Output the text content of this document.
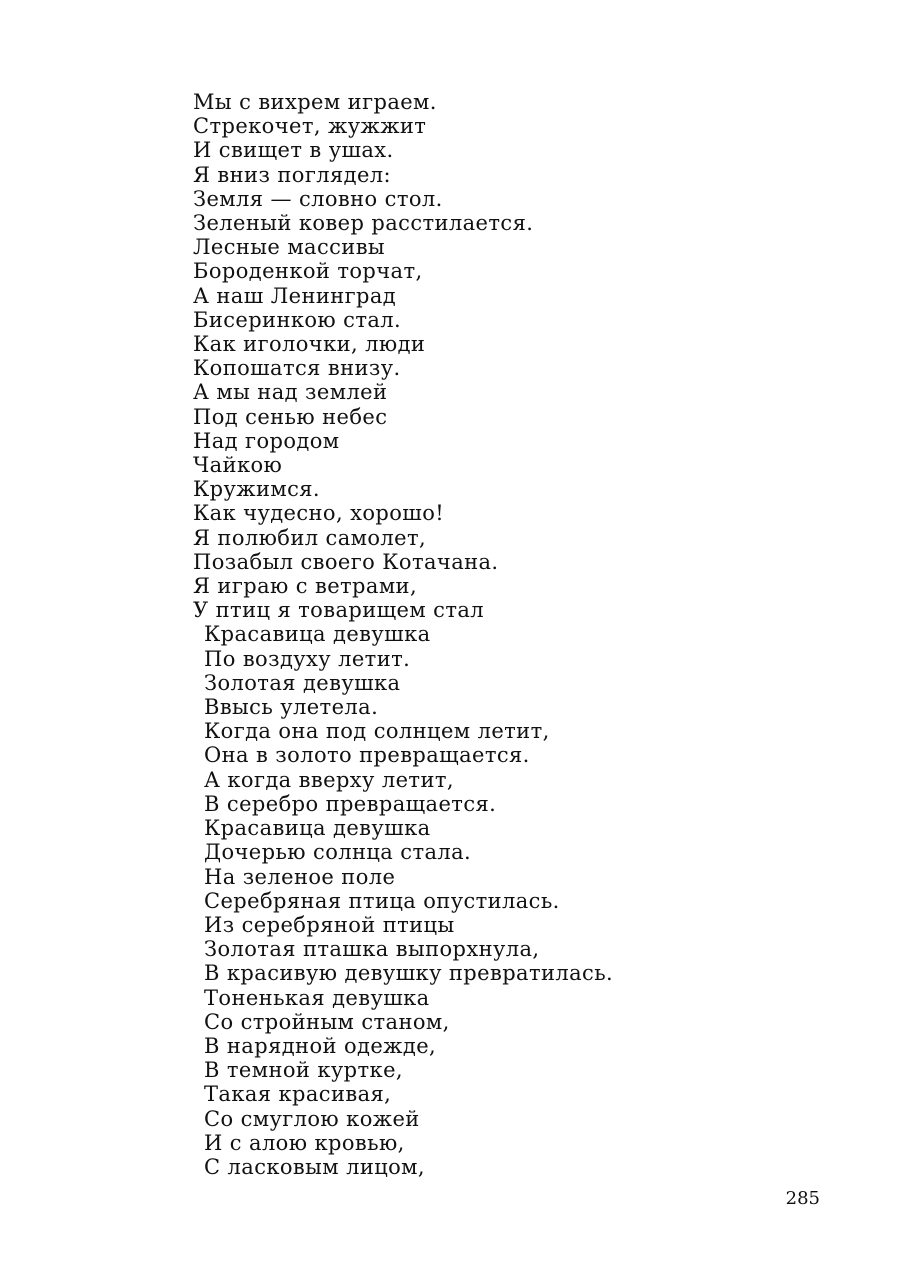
Мы с вихрем играем.
Стрекочет, жужжит
И свищет в ушах.
Я вниз поглядел:
Земля — словно стол.
Зеленый ковер расстилается.
Лесные массивы
Бороденкой торчат,
А наш Ленинград
Бисеринкою стал.
Как иголочки, люди
Копошатся внизу.
А мы над землей
Под сенью небес
Над городом
Чайкою
Кружимся.
Как чудесно, хорошо!
Я полюбил самолет,
Позабыл своего Котачана.
Я играю с ветрами,
У птиц я товарищем стал
Красавица девушка
По воздуху летит.
Золотая девушка
Ввысь улетела.
Когда она под солнцем летит,
Она в золото превращается.
А когда вверху летит,
В серебро превращается.
Красавица девушка
Дочерью солнца стала.
На зеленое поле
Серебряная птица опустилась.
Из серебряной птицы
Золотая пташка выпорхнула,
В красивую девушку превратилась.
Тоненькая девушка
Со стройным станом,
В нарядной одежде,
В темной куртке,
Такая красивая,
Со смуглою кожей
И с алою кровью,
С ласковым лицом,
285
